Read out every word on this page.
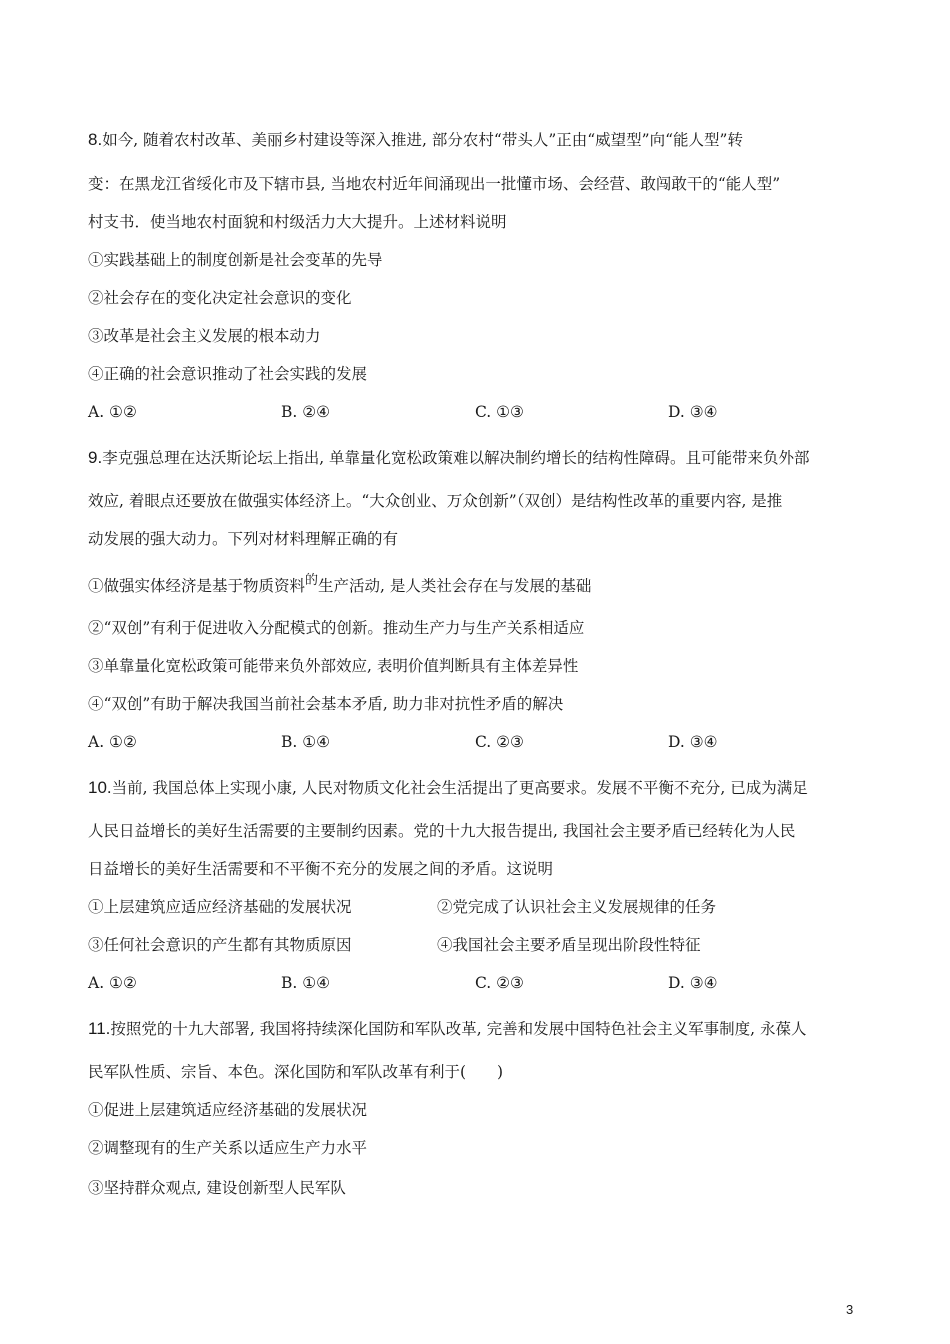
8.如今, 随着农村改革、美丽乡村建设等深入推进, 部分农村“带头人”正由“威望型”向“能人型”转
变：在黑龙江省绥化市及下辖市县, 当地农村近年间涌现出一批懂市场、会经营、敢闯敢干的“能人型”
村支书．使当地农村面貌和村级活力大大提升。上述材料说明
①实践基础上的制度创新是社会变革的先导
②社会存在的变化决定社会意识的变化
③改革是社会主义发展的根本动力
④正确的社会意识推动了社会实践的发展
A. ①②	B. ②④	C. ①③	D. ③④
9.李克强总理在达沃斯论坛上指出, 单靠量化宽松政策难以解决制约增长的结构性障碍。且可能带来负外部
效应, 着眼点还要放在做强实体经济上。“大众创业、万众创新”（双创）是结构性改革的重要内容, 是推
动发展的强大动力。下列对材料理解正确的有
①做强实体经济是基于物质资料$^的$生产活动, 是人类社会存在与发展的基础
②“双创”有利于促进收入分配模式的创新。推动生产力与生产关系相适应
③单靠量化宽松政策可能带来负外部效应, 表明价值判断具有主体差异性
④“双创”有助于解决我国当前社会基本矛盾, 助力非对抗性矛盾的解决
A. ①②	B. ①④	C. ②③	D. ③④
10.当前, 我国总体上实现小康, 人民对物质文化社会生活提出了更高要求。发展不平衡不充分, 已成为满足
人民日益增长的美好生活需要的主要制约因素。党的十九大报告提出, 我国社会主要矛盾已经转化为人民
日益增长的美好生活需要和不平衡不充分的发展之间的矛盾。这说明
①上层建筑应适应经济基础的发展状况	②党完成了认识社会主义发展规律的任务
③任何社会意识的产生都有其物质原因	④我国社会主要矛盾呈现出阶段性特征
A. ①②	B. ①④	C. ②③	D. ③④
11.按照党的十九大部署, 我国将持续深化国防和军队改革, 完善和发展中国特色社会主义军事制度, 永葆人
民军队性质、宗旨、本色。深化国防和军队改革有利于(　　)
①促进上层建筑适应经济基础的发展状况
②调整现有的生产关系以适应生产力水平
③坚持群众观点, 建设创新型人民军队
3
